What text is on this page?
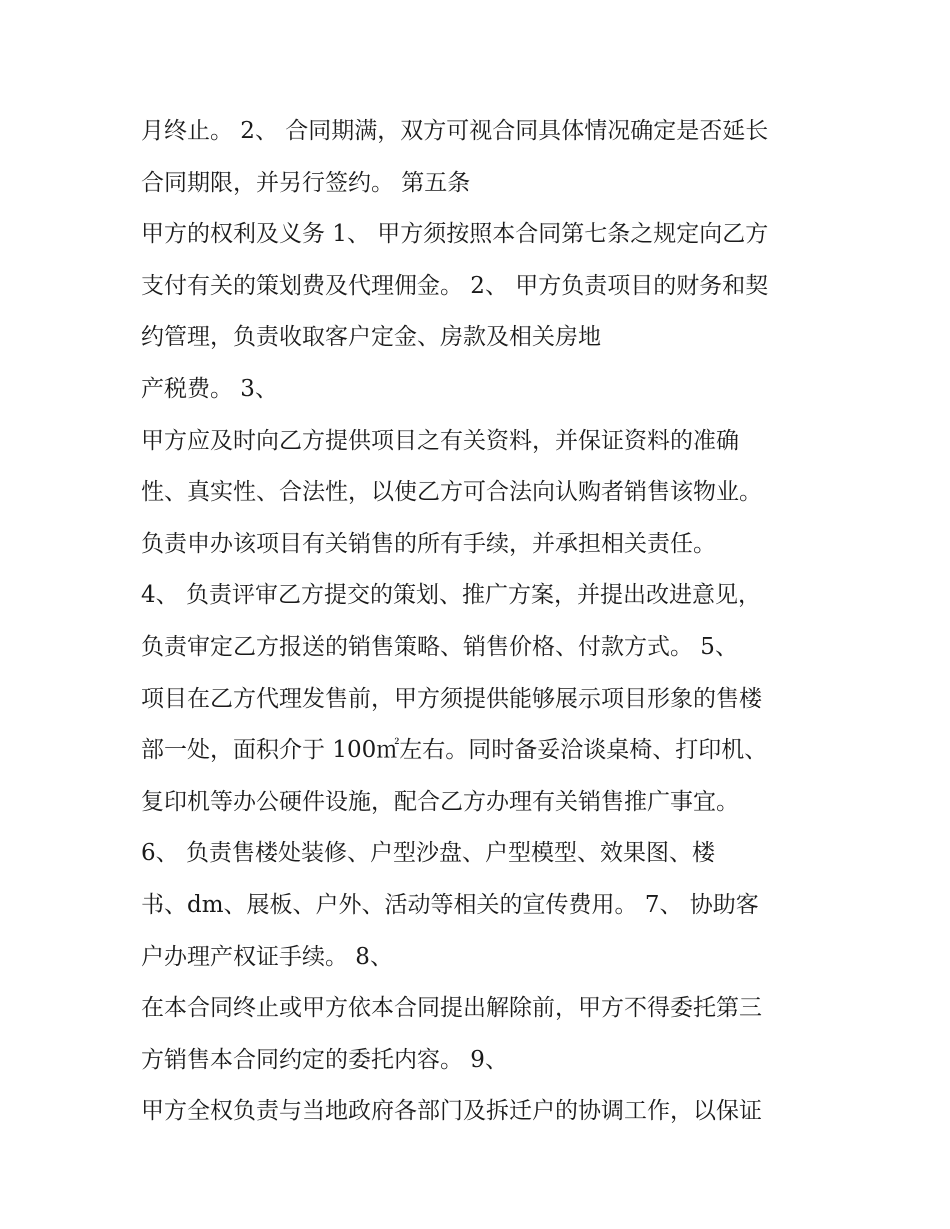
月终止。 2、 合同期满，双方可视合同具体情况确定是否延长
合同期限，并另行签约。 第五条
甲方的权利及义务 1、 甲方须按照本合同第七条之规定向乙方
支付有关的策划费及代理佣金。 2、 甲方负责项目的财务和契
约管理，负责收取客户定金、房款及相关房地
产税费。 3、
甲方应及时向乙方提供项目之有关资料，并保证资料的准确
性、真实性、合法性，以使乙方可合法向认购者销售该物业。
负责申办该项目有关销售的所有手续，并承担相关责任。
4、 负责评审乙方提交的策划、推广方案，并提出改进意见，
负责审定乙方报送的销售策略、销售价格、付款方式。 5、
项目在乙方代理发售前，甲方须提供能够展示项目形象的售楼
部一处，面积介于 100㎡左右。同时备妥洽谈桌椅、打印机、
复印机等办公硬件设施，配合乙方办理有关销售推广事宜。
6、 负责售楼处装修、户型沙盘、户型模型、效果图、楼
书、dm、展板、户外、活动等相关的宣传费用。 7、 协助客
户办理产权证手续。 8、
在本合同终止或甲方依本合同提出解除前，甲方不得委托第三
方销售本合同约定的委托内容。 9、
甲方全权负责与当地政府各部门及拆迁户的协调工作，以保证
